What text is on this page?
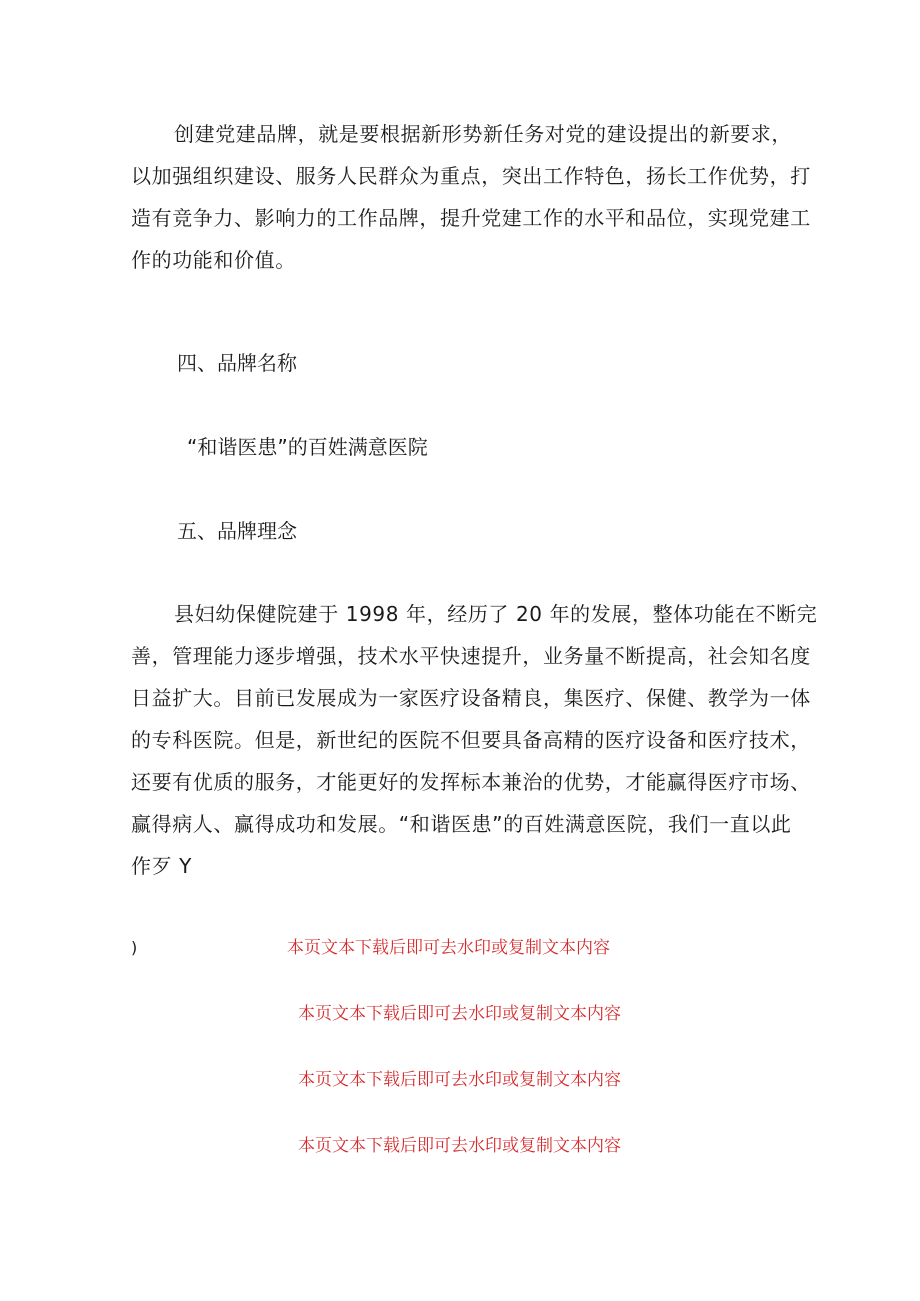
创建党建品牌，就是要根据新形势新任务对党的建设提出的新要求，
以加强组织建设、服务人民群众为重点，突出工作特色，扬长工作优势，打
造有竞争力、影响力的工作品牌，提升党建工作的水平和品位，实现党建工
作的功能和价值。
四、品牌名称
“和谐医患”的百姓满意医院
五、品牌理念
县妇幼保健院建于 1998 年，经历了 20 年的发展，整体功能在不断完
善，管理能力逐步增强，技术水平快速提升，业务量不断提高，社会知名度
日益扩大。目前已发展成为一家医疗设备精良，集医疗、保健、教学为一体
的专科医院。但是，新世纪的医院不但要具备高精的医疗设备和医疗技术，
还要有优质的服务，才能更好的发挥标本兼治的优势，才能赢得医疗市场、
赢得病人、赢得成功和发展。“和谐医患”的百姓满意医院，我们一直以此
作歹 Y
)	本页文本下载后即可去水印或复制文本内容
本页文本下载后即可去水印或复制文本内容
本页文本下载后即可去水印或复制文本内容
本页文本下载后即可去水印或复制文本内容
